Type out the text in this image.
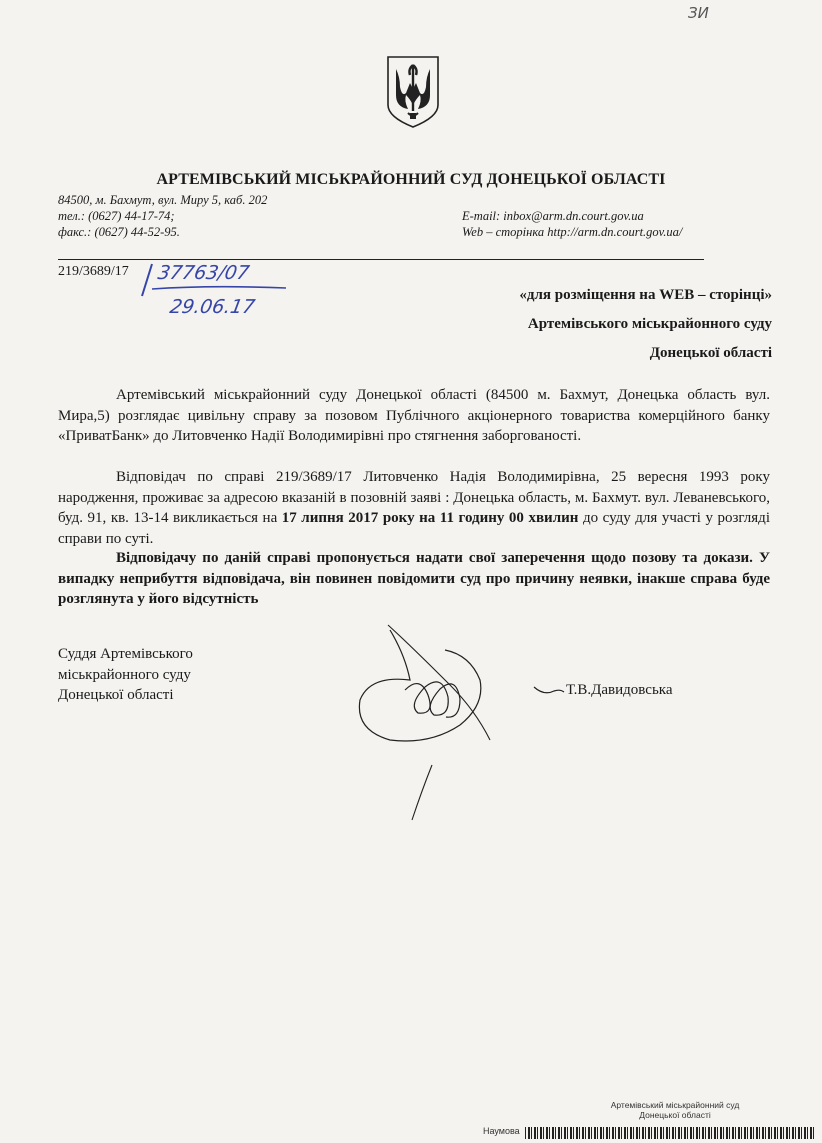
ЗИ
АРТЕМІВСЬКИЙ МІСЬКРАЙОННИЙ СУД ДОНЕЦЬКОЇ ОБЛАСТІ
84500, м. Бахмут, вул. Миру 5, каб. 202
тел.: (0627) 44-17-74;
факс.: (0627) 44-52-95.
E-mail: inbox@arm.dn.court.gov.ua
Web – сторінка http://arm.dn.court.gov.ua/
219/3689/17 37763/07
29.06.17
«для розміщення на WEB – сторінці»
Артемівського міськрайонного суду
Донецької області
Артемівський міськрайонний суду Донецької області (84500 м. Бахмут, Донецька область вул. Мира,5) розглядає цивільну справу за позовом Публічного акціонерного товариства комерційного банку «ПриватБанк» до Литовченко Надії Володимирівні про стягнення заборгованості.
Відповідач по справі 219/3689/17 Литовченко Надія Володимирівна, 25 вересня 1993 року народження, проживає за адресою вказаній в позовній заяві : Донецька область, м. Бахмут. вул. Леваневського, буд. 91, кв. 13-14 викликається на 17 липня 2017 року на 11 годину 00 хвилин до суду для участі у розгляді справи по суті.
Відповідачу по даній справі пропонується надати свої заперечення щодо позову та докази. У випадку неприбуття відповідача, він повинен повідомити суд про причину неявки, інакше справа буде розглянута у його відсутність
Суддя Артемівського
міськрайонного суду
Донецької області	Т.В.Давидовська
Артемівський міськрайонний суд
Донецької області
Наумова
